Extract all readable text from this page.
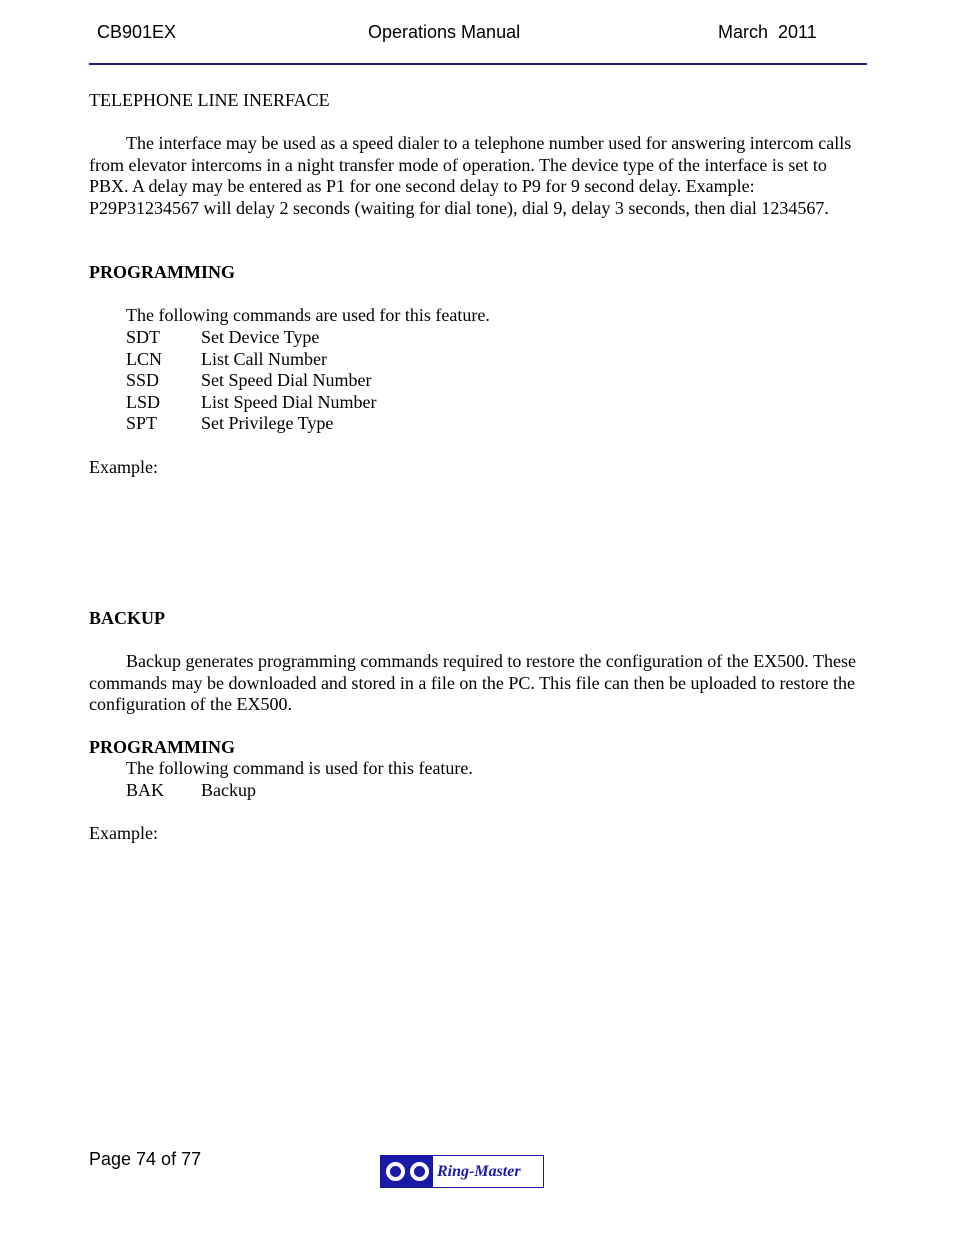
CB901EX	Operations Manual	March  2011
TELEPHONE LINE INERFACE

The interface may be used as a speed dialer to a telephone number used for answering intercom calls from elevator intercoms in a night transfer mode of operation. The device type of the interface is set to PBX. A delay may be entered as P1 for one second delay to P9 for 9 second delay. Example: P29P31234567 will delay 2 seconds (waiting for dial tone), dial 9, delay 3 seconds, then dial 1234567.

PROGRAMMING
The following commands are used for this feature.
SDT	Set Device Type
LCN	List Call Number
SSD	Set Speed Dial Number
LSD	List Speed Dial Number
SPT	Set Privilege Type
Example:
BACKUP

Backup generates programming commands required to restore the configuration of the EX500. These commands may be downloaded and stored in a file on the PC. This file can then be uploaded to restore the configuration of the EX500.

PROGRAMMING
The following command is used for this feature.
BAK	Backup
Example:
Page 74 of 77
Ring-Master
